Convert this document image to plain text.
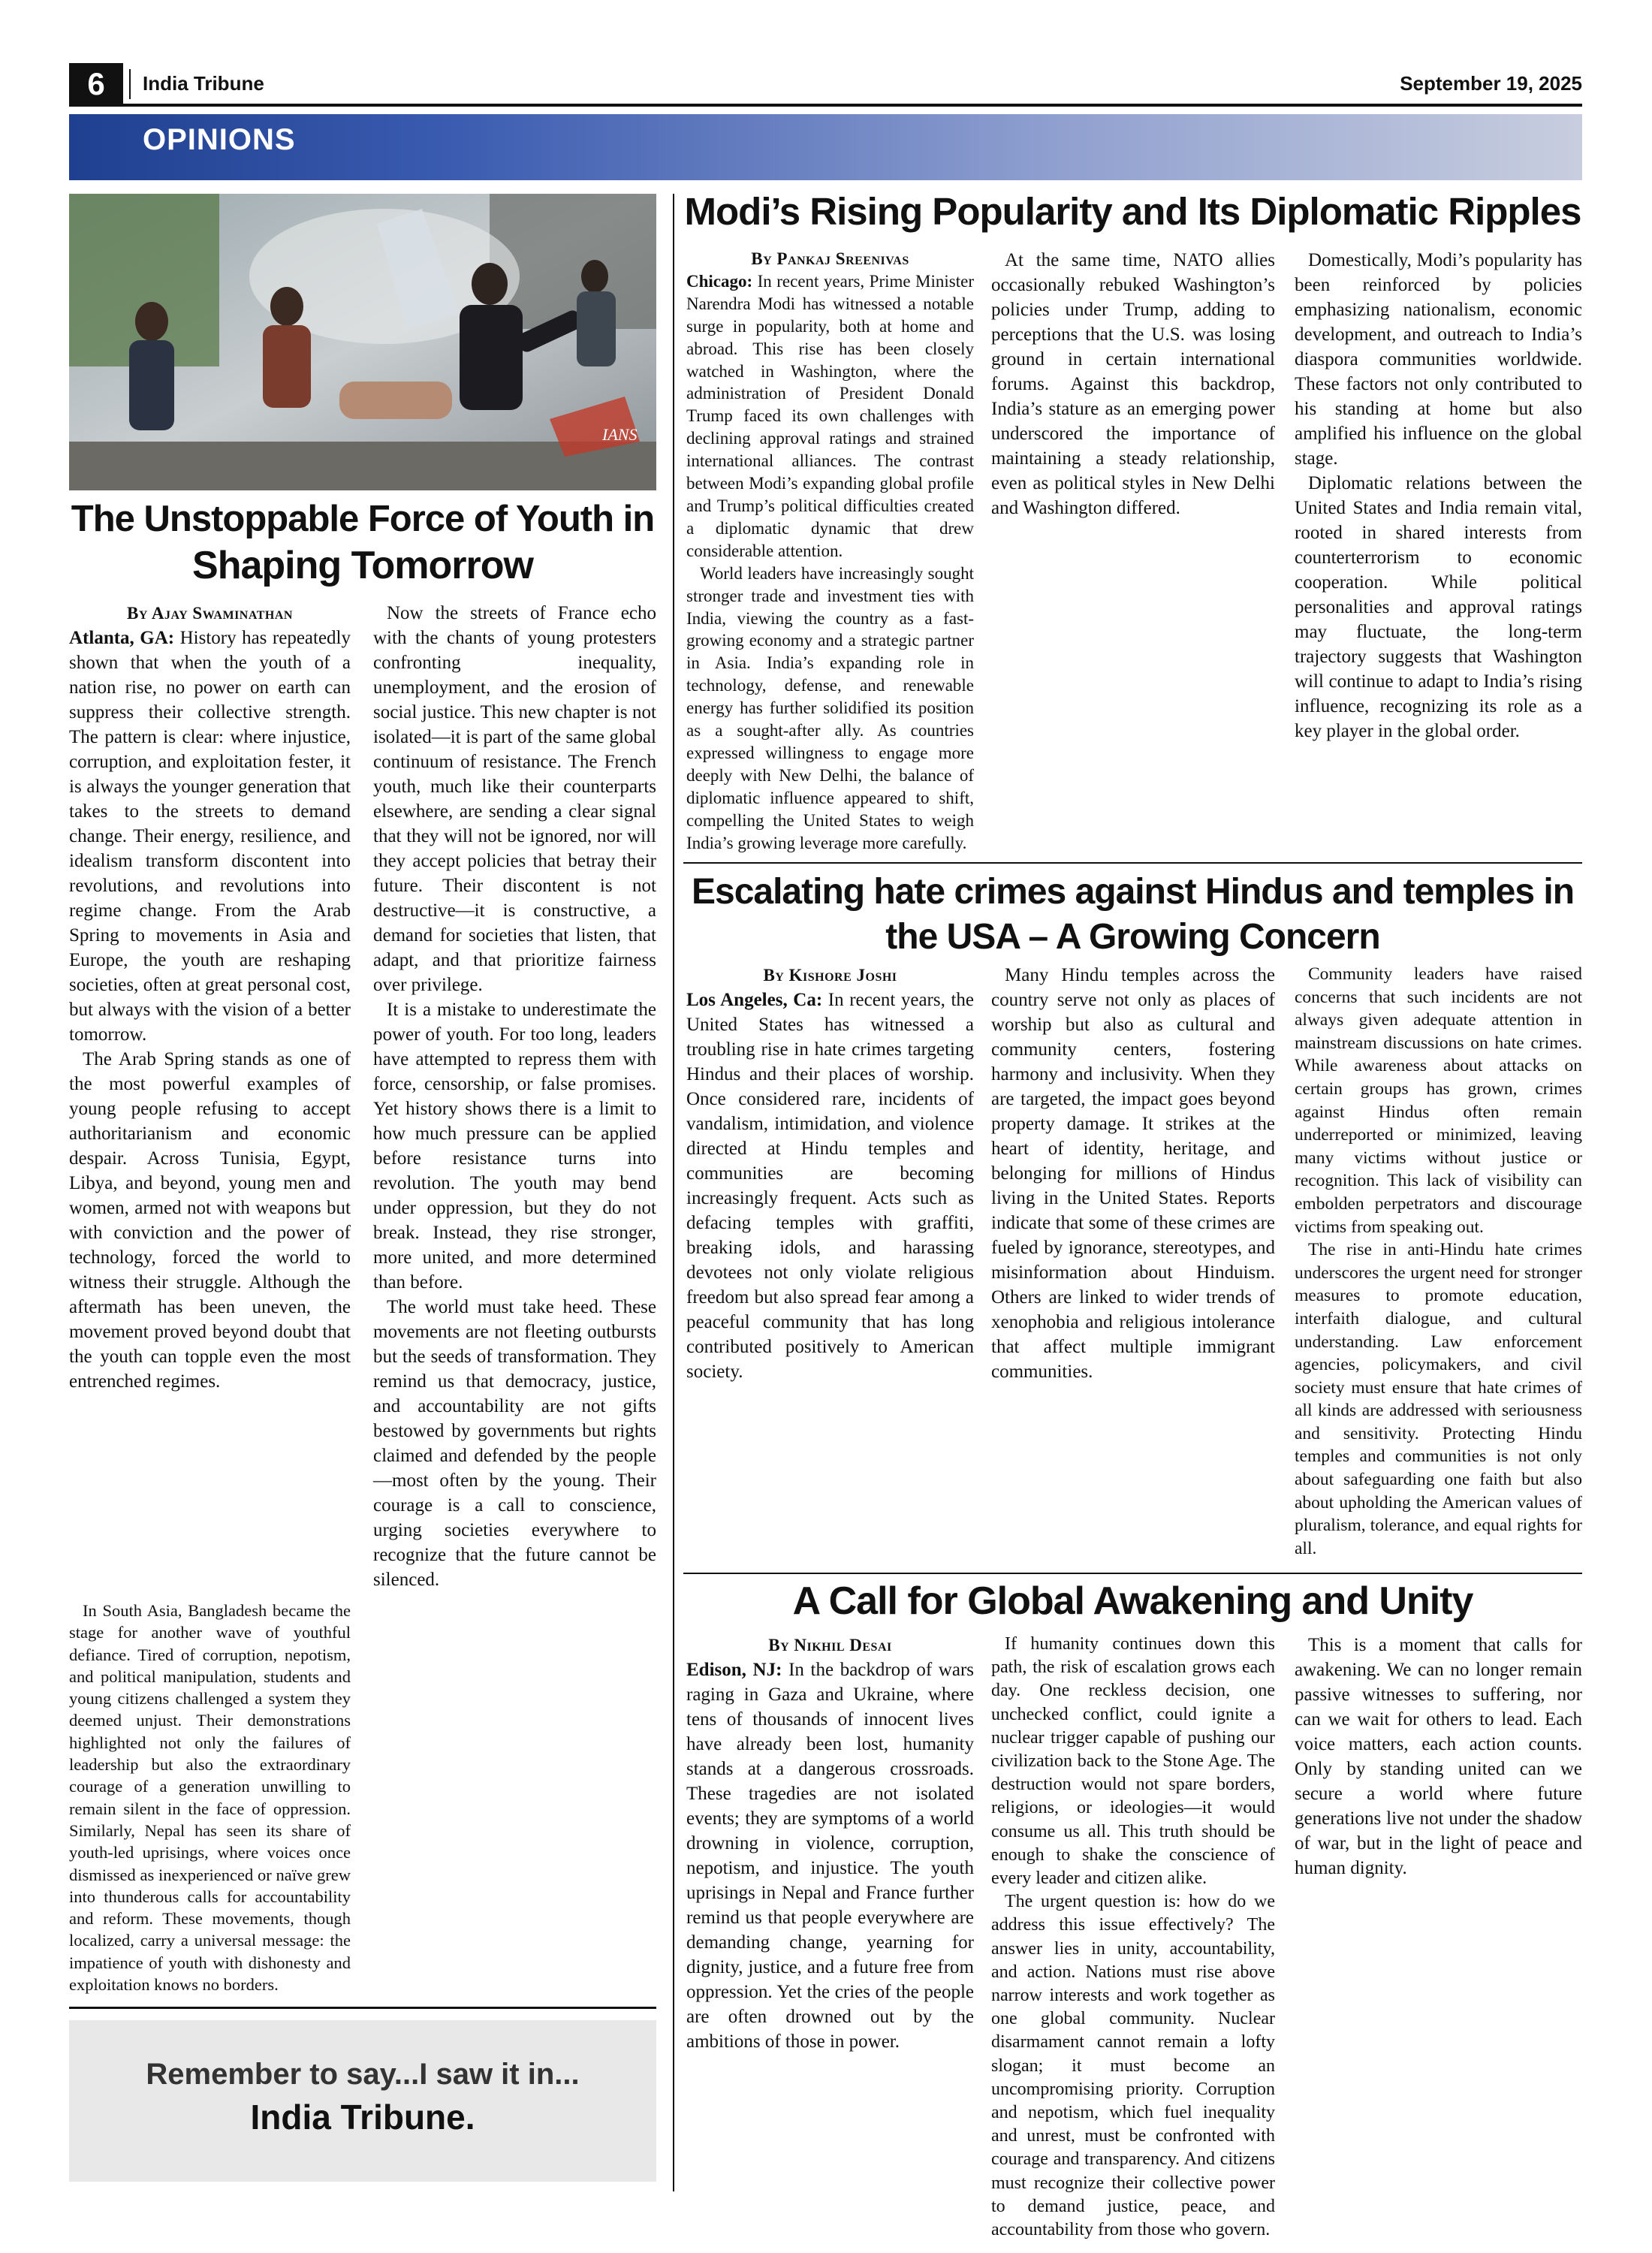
6	India Tribune	September 19, 2025
OPINIONS
IANS
The Unstoppable Force of Youth in
Shaping Tomorrow
By Ajay Swaminathan

Atlanta, GA: History has repeatedly shown that when the youth of a nation rise, no power on earth can suppress their collective strength. The pattern is clear: where injustice, corruption, and exploitation fester, it is always the younger generation that takes to the streets to demand change. Their energy, resilience, and idealism transform discontent into revolutions, and revolutions into regime change. From the Arab Spring to movements in Asia and Europe, the youth are reshaping societies, often at great personal cost, but always with the vision of a better tomorrow.

The Arab Spring stands as one of the most powerful examples of young people refusing to accept authoritarianism and economic despair. Across Tunisia, Egypt, Libya, and beyond, young men and women, armed not with weapons but with conviction and the power of technology, forced the world to witness their struggle. Although the aftermath has been uneven, the movement proved beyond doubt that the youth can topple even the most entrenched regimes.

In South Asia, Bangladesh became the stage for another wave of youthful defiance. Tired of corruption, nepotism, and political manipulation, students and young citizens challenged a system they deemed unjust. Their demonstrations highlighted not only the failures of leadership but also the extraordinary courage of a generation unwilling to remain silent in the face of oppression. Similarly, Nepal has seen its share of youth-led uprisings, where voices once dismissed as inexperienced or naïve grew into thunderous calls for accountability and reform. These movements, though localized, carry a universal message: the impatience of youth with dishonesty and exploitation knows no borders.

Now the streets of France echo with the chants of young protesters confronting inequality, unemployment, and the erosion of social justice. This new chapter is not isolated—it is part of the same global continuum of resistance. The French youth, much like their counterparts elsewhere, are sending a clear signal that they will not be ignored, nor will they accept policies that betray their future. Their discontent is not destructive—it is constructive, a demand for societies that listen, that adapt, and that prioritize fairness over privilege.

It is a mistake to underestimate the power of youth. For too long, leaders have attempted to repress them with force, censorship, or false promises. Yet history shows there is a limit to how much pressure can be applied before resistance turns into revolution. The youth may bend under oppression, but they do not break. Instead, they rise stronger, more united, and more determined than before.

The world must take heed. These movements are not fleeting outbursts but the seeds of transformation. They remind us that democracy, justice, and accountability are not gifts bestowed by governments but rights claimed and defended by the people—most often by the young. Their courage is a call to conscience, urging societies everywhere to recognize that the future cannot be silenced.

Remember to say...I saw it in...
India Tribune.
Modi’s Rising Popularity and Its Diplomatic Ripples
By Pankaj Sreenivas

Chicago: In recent years, Prime Minister Narendra Modi has witnessed a notable surge in popularity, both at home and abroad. This rise has been closely watched in Washington, where the administration of President Donald Trump faced its own challenges with declining approval ratings and strained international alliances. The contrast between Modi’s expanding global profile and Trump’s political difficulties created a diplomatic dynamic that drew considerable attention.

World leaders have increasingly sought stronger trade and investment ties with India, viewing the country as a fast-growing economy and a strategic partner in Asia. India’s expanding role in technology, defense, and renewable energy has further solidified its position as a sought-after ally. As countries expressed willingness to engage more deeply with New Delhi, the balance of diplomatic influence appeared to shift, compelling the United States to weigh India’s growing leverage more carefully.

At the same time, NATO allies occasionally rebuked Washington’s policies under Trump, adding to perceptions that the U.S. was losing ground in certain international forums. Against this backdrop, India’s stature as an emerging power underscored the importance of maintaining a steady relationship, even as political styles in New Delhi and Washington differed.

Domestically, Modi’s popularity has been reinforced by policies emphasizing nationalism, economic development, and outreach to India’s diaspora communities worldwide. These factors not only contributed to his standing at home but also amplified his influence on the global stage.

Diplomatic relations between the United States and India remain vital, rooted in shared interests from counterterrorism to economic cooperation. While political personalities and approval ratings may fluctuate, the long-term trajectory suggests that Washington will continue to adapt to India’s rising influence, recognizing its role as a key player in the global order.

Escalating hate crimes against Hindus and temples in
the USA – A Growing Concern
By Kishore Joshi

Los Angeles, Ca: In recent years, the United States has witnessed a troubling rise in hate crimes targeting Hindus and their places of worship. Once considered rare, incidents of vandalism, intimidation, and violence directed at Hindu temples and communities are becoming increasingly frequent. Acts such as defacing temples with graffiti, breaking idols, and harassing devotees not only violate religious freedom but also spread fear among a peaceful community that has long contributed positively to American society.

Many Hindu temples across the country serve not only as places of worship but also as cultural and community centers, fostering harmony and inclusivity. When they are targeted, the impact goes beyond property damage. It strikes at the heart of identity, heritage, and belonging for millions of Hindus living in the United States. Reports indicate that some of these crimes are fueled by ignorance, stereotypes, and misinformation about Hinduism. Others are linked to wider trends of xenophobia and religious intolerance that affect multiple immigrant communities.

Community leaders have raised concerns that such incidents are not always given adequate attention in mainstream discussions on hate crimes. While awareness about attacks on certain groups has grown, crimes against Hindus often remain underreported or minimized, leaving many victims without justice or recognition. This lack of visibility can embolden perpetrators and discourage victims from speaking out.

The rise in anti-Hindu hate crimes underscores the urgent need for stronger measures to promote education, interfaith dialogue, and cultural understanding. Law enforcement agencies, policymakers, and civil society must ensure that hate crimes of all kinds are addressed with seriousness and sensitivity. Protecting Hindu temples and communities is not only about safeguarding one faith but also about upholding the American values of pluralism, tolerance, and equal rights for all.

A Call for Global Awakening and Unity
By Nikhil Desai

Edison, NJ: In the backdrop of wars raging in Gaza and Ukraine, where tens of thousands of innocent lives have already been lost, humanity stands at a dangerous crossroads. These tragedies are not isolated events; they are symptoms of a world drowning in violence, corruption, nepotism, and injustice. The youth uprisings in Nepal and France further remind us that people everywhere are demanding change, yearning for dignity, justice, and a future free from oppression. Yet the cries of the people are often drowned out by the ambitions of those in power.

If humanity continues down this path, the risk of escalation grows each day. One reckless decision, one unchecked conflict, could ignite a nuclear trigger capable of pushing our civilization back to the Stone Age. The destruction would not spare borders, religions, or ideologies—it would consume us all. This truth should be enough to shake the conscience of every leader and citizen alike.

The urgent question is: how do we address this issue effectively? The answer lies in unity, accountability, and action. Nations must rise above narrow interests and work together as one global community. Nuclear disarmament cannot remain a lofty slogan; it must become an uncompromising priority. Corruption and nepotism, which fuel inequality and unrest, must be confronted with courage and transparency. And citizens must recognize their collective power to demand justice, peace, and accountability from those who govern.

This is a moment that calls for awakening. We can no longer remain passive witnesses to suffering, nor can we wait for others to lead. Each voice matters, each action counts. Only by standing united can we secure a world where future generations live not under the shadow of war, but in the light of peace and human dignity.
